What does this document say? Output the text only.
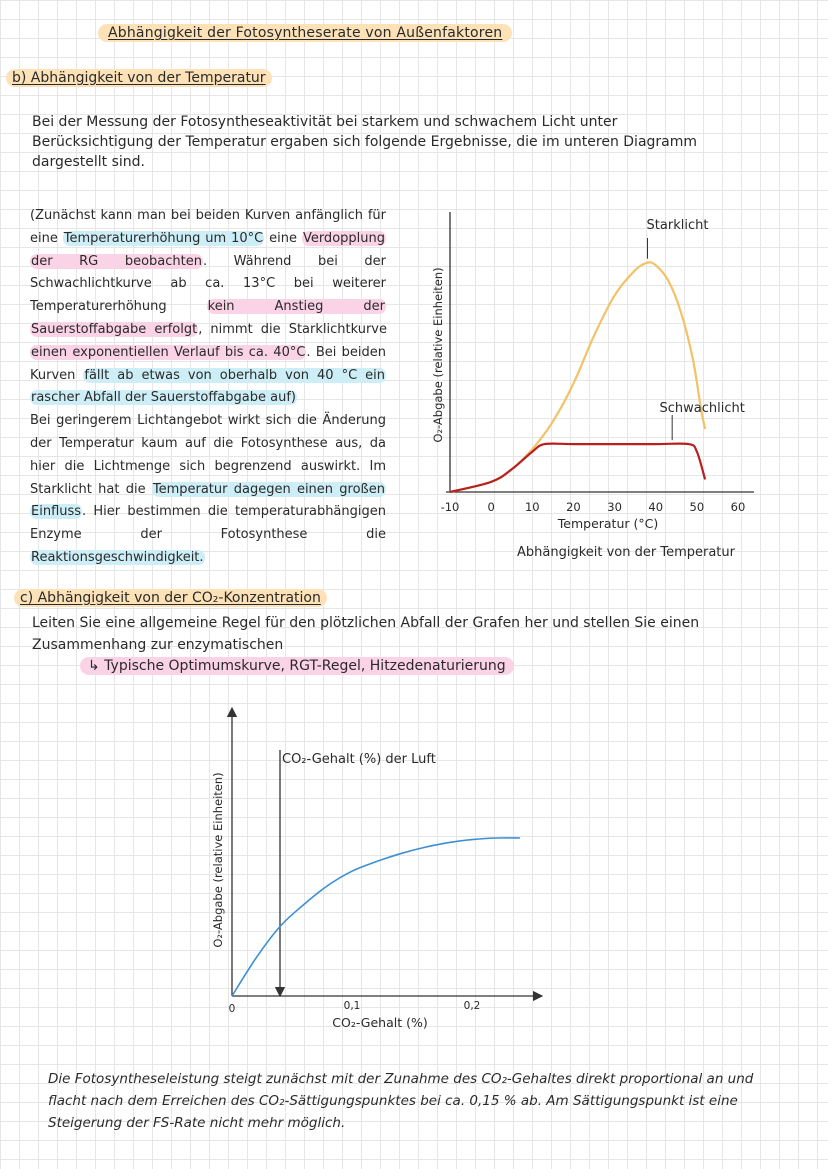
Abhängigkeit der Fotosyntheserate von Außenfaktoren
b) Abhängigkeit von der Temperatur
Bei der Messung der Fotosyntheseaktivität bei starkem und schwachem Licht unter Berücksichtigung der Temperatur ergaben sich folgende Ergebnisse, die im unteren Diagramm dargestellt sind.
(Zunächst kann man bei beiden Kurven anfänglich für eine Temperaturerhöhung um 10°C eine Verdopplung der RG beobachten. Während bei der Schwachlichtkurve ab ca. 13°C bei weiterer Temperaturerhöhung kein Anstieg der Sauerstoffabgabe erfolgt, nimmt die Starklichtkurve einen exponentiellen Verlauf bis ca. 40°C. Bei beiden Kurven fällt ab etwas von oberhalb von 40 °C ein rascher Abfall der Sauerstoffabgabe auf)
Bei geringerem Lichtangebot wirkt sich die Änderung der Temperatur kaum auf die Fotosynthese aus, da hier die Lichtmenge sich begrenzend auswirkt. Im Starklicht hat die Temperatur dagegen einen großen Einfluss. Hier bestimmen die temperaturabhängigen Enzyme der Fotosynthese die Reaktionsgeschwindigkeit.
O₂-Abgabe (relative Einheiten)
-10 0	10 20 30 40 50 60
Temperatur (°C)
Abhängigkeit von der Temperatur
Starklicht
Schwachlicht
c) Abhängigkeit von der CO₂-Konzentration
Leiten Sie eine allgemeine Regel für den plötzlichen Abfall der Grafen her und stellen Sie einen Zusammenhang zur enzymatischen
↳ Typische Optimumskurve, RGT-Regel, Hitzedenaturierung
O₂-Abgabe (relative Einheiten)
0	0,1	0,2
CO₂-Gehalt (%)
CO₂-Gehalt (%) der Luft
Die Fotosyntheseleistung steigt zunächst mit der Zunahme des CO₂-Gehaltes direkt proportional an und flacht nach dem Erreichen des CO₂-Sättigungspunktes bei ca. 0,15 % ab. Am Sättigungspunkt ist eine Steigerung der FS-Rate nicht mehr möglich.
